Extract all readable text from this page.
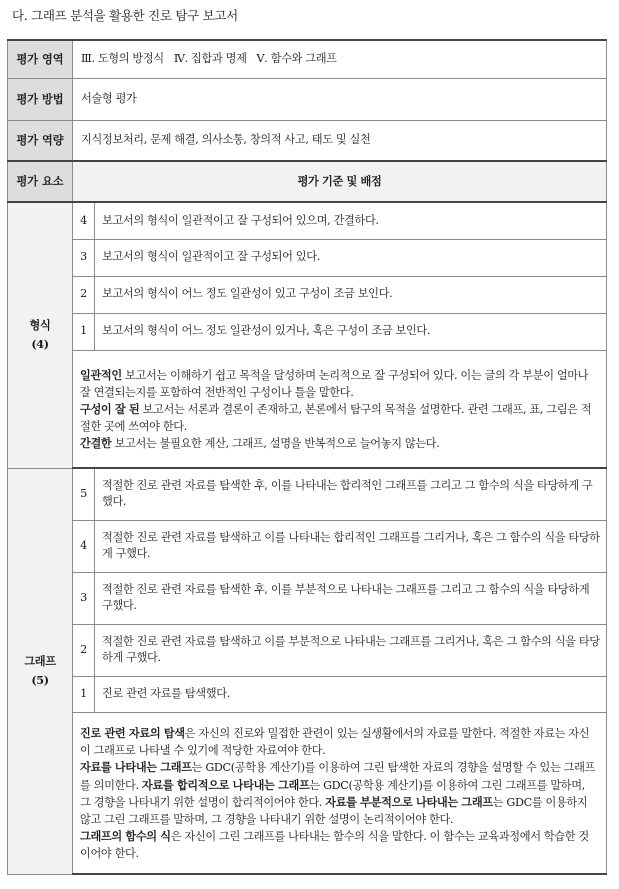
다. 그래프 분석을 활용한 진로 탐구 보고서
평가 영역	Ⅲ. 도형의 방정식 Ⅳ. 집합과 명제 Ⅴ. 함수와 그래프	
평가 방법	서술형 평가	
평가 역량	지식정보처리, 문제 해결, 의사소통, 창의적 사고, 태도 및 실천	
평가 요소	평가 기준 및 배점	
형식
(4)	4	보고서의 형식이 일관적이고 잘 구성되어 있으며, 간결하다.
	3	보고서의 형식이 일관적이고 잘 구성되어 있다.
	2	보고서의 형식이 어느 정도 일관성이 있고 구성이 조금 보인다.
	1	보고서의 형식이 어느 정도 일관성이 있거나, 혹은 구성이 조금 보인다.

	일관적인 보고서는 이해하기 쉽고 목적을 달성하며 논리적으로 잘 구성되어 있다. 이는 글의 각 부분이 얼마나 잘 연결되는지를 포함하여 전반적인 구성이나 틀을 말한다.

구성이 잘 된 보고서는 서론과 결론이 존재하고, 본론에서 탐구의 목적을 설명한다. 관련 그래프, 표, 그림은 적절한 곳에 쓰여야 한다.

간결한 보고서는 불필요한 계산, 그래프, 설명을 반복적으로 늘어놓지 않는다.	

그래프
(5)	5	적절한 진로 관련 자료를 탐색한 후, 이를 나타내는 합리적인 그래프를 그리고 그 함수의 식을 타당하게 구했다.
	4	적절한 진로 관련 자료를 탐색하고 이를 나타내는 합리적인 그래프를 그리거나, 혹은 그 함수의 식을 타당하게 구했다.
	3	적절한 진로 관련 자료를 탐색한 후, 이를 부분적으로 나타내는 그래프를 그리고 그 함수의 식을 타당하게 구했다.
	2	적절한 진로 관련 자료를 탐색하고 이를 부분적으로 나타내는 그래프를 그리거나, 혹은 그 함수의 식을 타당하게 구했다.
	1	진로 관련 자료를 탐색했다.

	진로 관련 자료의 탐색은 자신의 진로와 밀접한 관련이 있는 실생활에서의 자료를 말한다. 적절한 자료는 자신이 그래프로 나타낼 수 있기에 적당한 자료여야 한다.

자료를 나타내는 그래프는 GDC(공학용 계산기)를 이용하여 그린 탐색한 자료의 경향을 설명할 수 있는 그래프를 의미한다. 자료를 합리적으로 나타내는 그래프는 GDC(공학용 계산기)를 이용하여 그린 그래프를 말하며, 그 경향을 나타내기 위한 설명이 합리적이어야 한다. 자료를 부분적으로 나타내는 그래프는 GDC를 이용하지 않고 그린 그래프를 말하며, 그 경향을 나타내기 위한 설명이 논리적이어야 한다.

그래프의 함수의 식은 자신이 그린 그래프를 나타내는 함수의 식을 말한다. 이 함수는 교육과정에서 학습한 것이어야 한다.	
